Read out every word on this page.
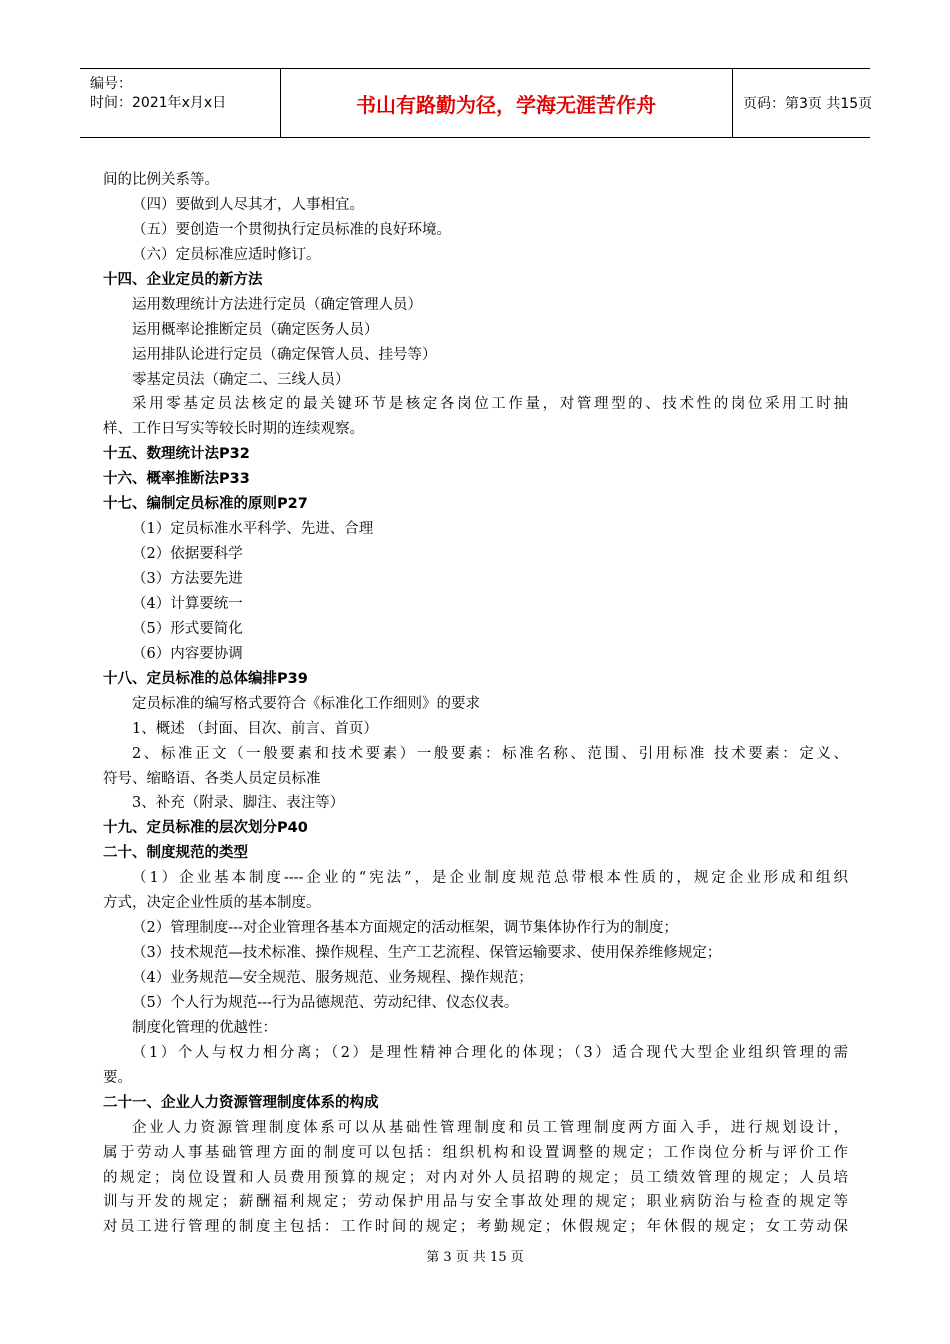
编号：
时间：2021年x月x日	书山有路勤为径，学海无涯苦作舟	页码：第3页 共15页
间的比例关系等。
（四）要做到人尽其才，人事相宜。
（五）要创造一个贯彻执行定员标准的良好环境。
（六）定员标准应适时修订。
十四、企业定员的新方法
运用数理统计方法进行定员（确定管理人员）
运用概率论推断定员（确定医务人员）
运用排队论进行定员（确定保管人员、挂号等）
零基定员法（确定二、三线人员）
采用零基定员法核定的最关键环节是核定各岗位工作量，对管理型的、技术性的岗位采用工时抽
样、工作日写实等较长时期的连续观察。
十五、数理统计法P32
十六、概率推断法P33
十七、编制定员标准的原则P27
（1）定员标准水平科学、先进、合理
（2）依据要科学
（3）方法要先进
（4）计算要统一
（5）形式要简化
（6）内容要协调
十八、定员标准的总体编排P39
定员标准的编写格式要符合《标准化工作细则》的要求
1、概述 （封面、目次、前言、首页）
2、标准正文（一般要素和技术要素）一般要素：标准名称、范围、引用标准 技术要素：定义、
符号、缩略语、各类人员定员标准
3、补充（附录、脚注、表注等）
十九、定员标准的层次划分P40
二十、制度规范的类型
（1）企业基本制度----企业的“宪法”，是企业制度规范总带根本性质的，规定企业形成和组织
方式，决定企业性质的基本制度。
（2）管理制度---对企业管理各基本方面规定的活动框架，调节集体协作行为的制度；
（3）技术规范—技术标准、操作规程、生产工艺流程、保管运输要求、使用保养维修规定；
（4）业务规范—安全规范、服务规范、业务规程、操作规范；
（5）个人行为规范---行为品德规范、劳动纪律、仪态仪表。
制度化管理的优越性：
（1）个人与权力相分离；（2）是理性精神合理化的体现；（3）适合现代大型企业组织管理的需
要。
二十一、企业人力资源管理制度体系的构成
企业人力资源管理制度体系可以从基础性管理制度和员工管理制度两方面入手，进行规划设计，
属于劳动人事基础管理方面的制度可以包括：组织机构和设置调整的规定；工作岗位分析与评价工作
的规定；岗位设置和人员费用预算的规定；对内对外人员招聘的规定；员工绩效管理的规定；人员培
训与开发的规定；薪酬福利规定；劳动保护用品与安全事故处理的规定；职业病防治与检查的规定等
对员工进行管理的制度主包括：工作时间的规定；考勤规定；休假规定；年休假的规定；女工劳动保
第 3 页 共 15 页
